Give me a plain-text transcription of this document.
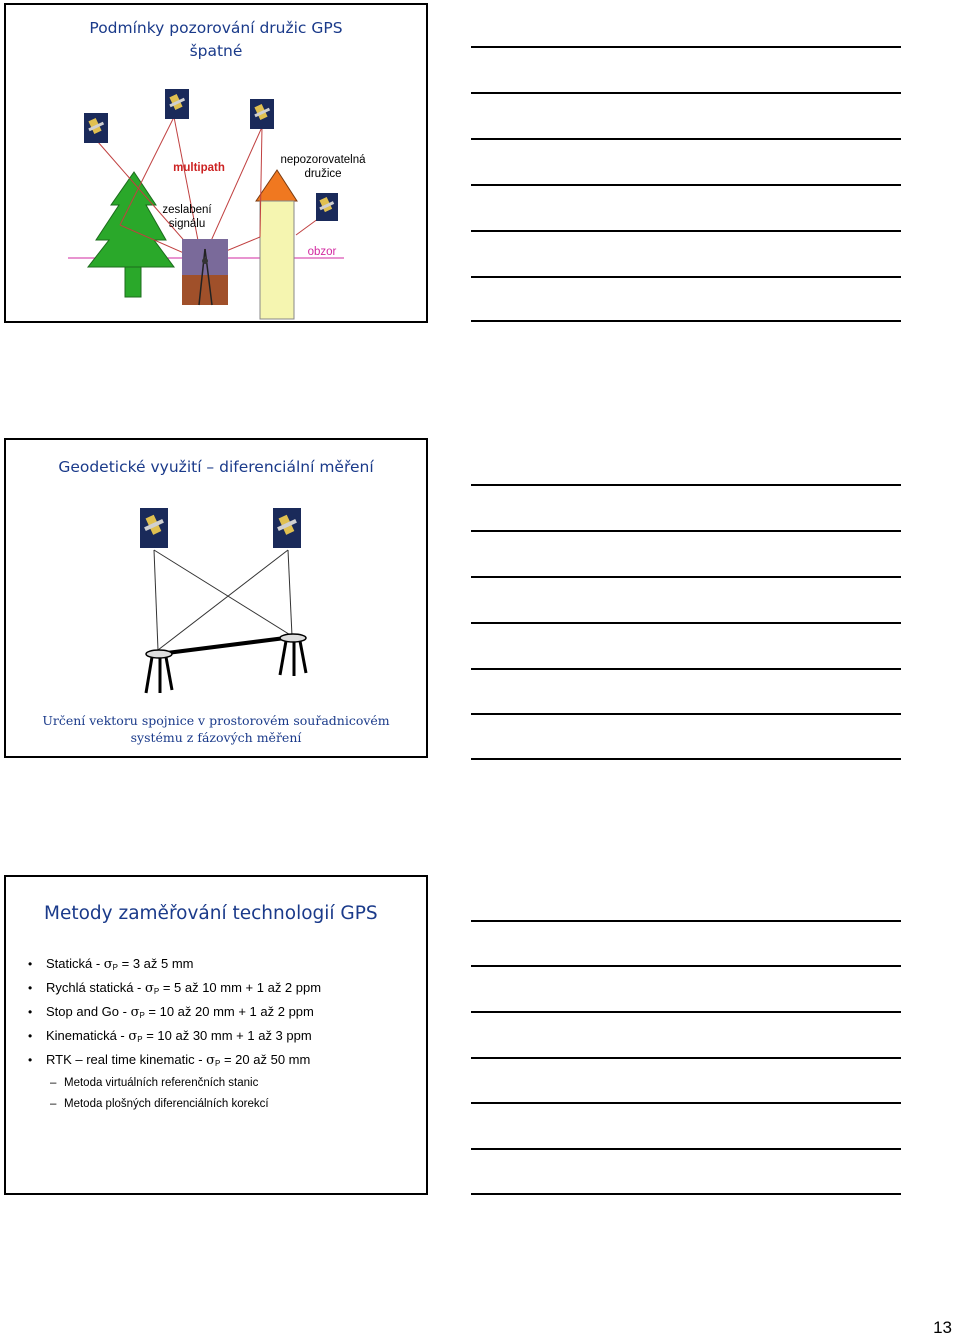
Podmínky pozorování družic GPS
špatné
multipath
nepozorovatelná
družice
zeslabení
signálu
obzor
Geodetické využití – diferenciální měření
Určení vektoru spojnice v prostorovém souřadnicovém
systému z fázových měření
Metody zaměřování technologií GPS
• Statická - $\sigma_P = 3$ až 5 mm
• Rychlá statická - $\sigma_P = 5$ až 10 mm + 1 až 2 ppm
• Stop and $Go - \sigma_P = 10$ až 20 mm + 1 až 2 ppm
• Kinematická - $\sigma_P = 10$ až 30 mm + 1 až 3 ppm
• RTK – real time kinematic - $\sigma_P = 20$ až 50 mm
– Metoda virtuálních referenčních stanic
– Metoda plošných diferenciálních korekcí
13
